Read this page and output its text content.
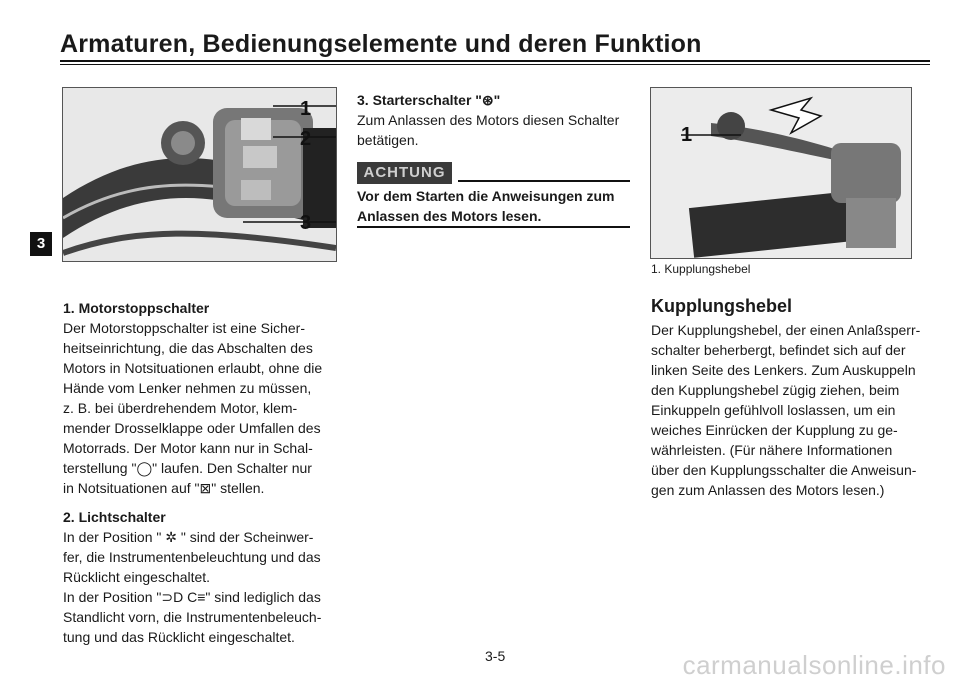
Armaturen, Bedienungselemente und deren Funktion
3
1
2
3
1
1. Kupplungshebel
1. Motorstoppschalter
Der Motorstoppschalter ist eine Sicher-
heitseinrichtung, die das Abschalten des
Motors in Notsituationen erlaubt, ohne die
Hände vom Lenker nehmen zu müssen,
z. B. bei überdrehendem Motor, klem-
mender Drosselklappe oder Umfallen des
Motorrads. Der Motor kann nur in Schal-
terstellung "◯" laufen. Den Schalter nur
in Notsituationen auf "⊠" stellen.
2. Lichtschalter
In der Position " ✲ " sind der Scheinwer-
fer, die Instrumentenbeleuchtung und das
Rücklicht eingeschaltet.
In der Position "⊃D C≡" sind lediglich das
Standlicht vorn, die Instrumentenbeleuch-
tung und das Rücklicht eingeschaltet.
3. Starterschalter "⊛"
Zum Anlassen des Motors diesen Schalter
betätigen.
ACHTUNG
Vor dem Starten die Anweisungen zum
Anlassen des Motors lesen.
Kupplungshebel
Der Kupplungshebel, der einen Anlaßsperr-
schalter beherbergt, befindet sich auf der
linken Seite des Lenkers. Zum Auskuppeln
den Kupplungshebel zügig ziehen, beim
Einkuppeln gefühlvoll loslassen, um ein
weiches Einrücken der Kupplung zu ge-
währleisten. (Für nähere Informationen
über den Kupplungsschalter die Anweisun-
gen zum Anlassen des Motors lesen.)
3-5	carmanualsonline.info
